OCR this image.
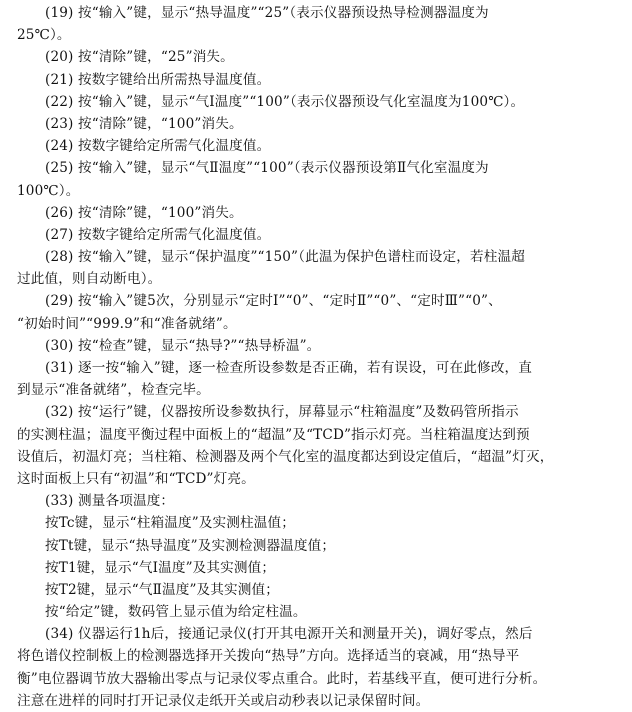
(19) 按“输入”键，显示“热导温度”“25”（表示仪器预设热导检测器温度为
25℃）。
(20) 按“清除”键，“25”消失。
(21) 按数字键给出所需热导温度值。
(22) 按“输入”键，显示“气Ⅰ温度”“100”（表示仪器预设气化室温度为100℃）。
(23) 按“清除”键，“100”消失。
(24) 按数字键给定所需气化温度值。
(25) 按“输入”键，显示“气Ⅱ温度”“100”（表示仪器预设第Ⅱ气化室温度为
100℃）。
(26) 按“清除”键，“100”消失。
(27) 按数字键给定所需气化温度值。
(28) 按“输入”键，显示“保护温度”“150”（此温为保护色谱柱而设定，若柱温超
过此值，则自动断电）。
(29) 按“输入”键5次，分别显示“定时Ⅰ”“0”、“定时Ⅱ”“0”、“定时Ⅲ”“0”、
“初始时间”“999.9”和“准备就绪”。
(30) 按“检查”键，显示“热导?”“热导桥温”。
(31) 逐一按“输入”键，逐一检查所设参数是否正确，若有误设，可在此修改，直
到显示“准备就绪”，检查完毕。
(32) 按“运行”键，仪器按所设参数执行，屏幕显示“柱箱温度”及数码管所指示
的实测柱温；温度平衡过程中面板上的“超温”及“TCD”指示灯亮。当柱箱温度达到预
设值后，初温灯亮；当柱箱、检测器及两个气化室的温度都达到设定值后，“超温”灯灭，
这时面板上只有“初温”和“TCD”灯亮。
(33) 测量各项温度：
按Tc键，显示“柱箱温度”及实测柱温值；
按Tt键，显示“热导温度”及实测检测器温度值；
按T1键，显示“气Ⅰ温度”及其实测值；
按T2键，显示“气Ⅱ温度”及其实测值；
按“给定”键，数码管上显示值为给定柱温。
(34) 仪器运行1h后，接通记录仪(打开其电源开关和测量开关)，调好零点，然后
将色谱仪控制板上的检测器选择开关拨向“热导”方向。选择适当的衰减，用“热导平
衡”电位器调节放大器输出零点与记录仪零点重合。此时，若基线平直，便可进行分析。
注意在进样的同时打开记录仪走纸开关或启动秒表以记录保留时间。
